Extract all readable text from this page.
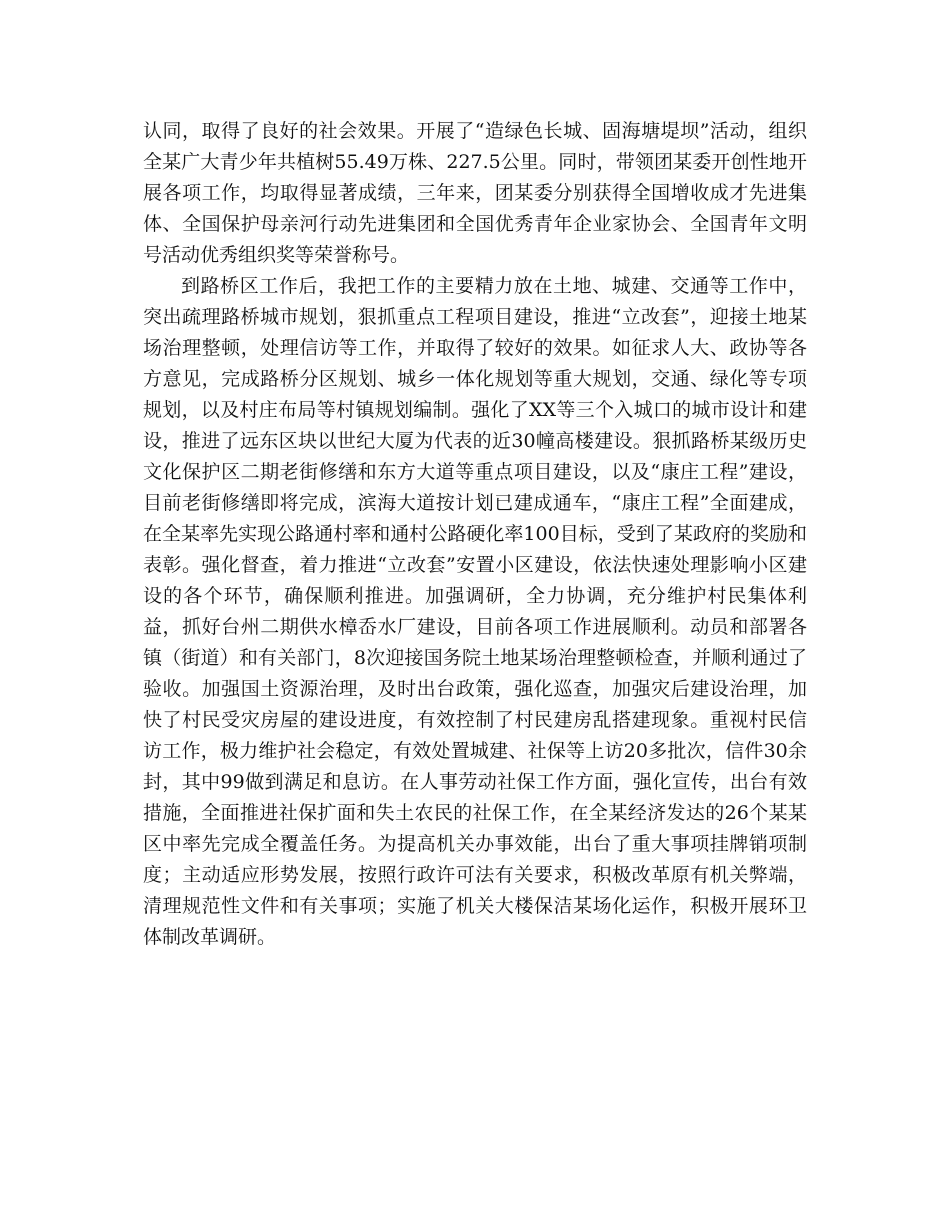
认同，取得了良好的社会效果。开展了“造绿色长城、固海塘堤坝”活动，组织全某广大青少年共植树55.49万株、227.5公里。同时，带领团某委开创性地开展各项工作，均取得显著成绩，三年来，团某委分别获得全国增收成才先进集体、全国保护母亲河行动先进集团和全国优秀青年企业家协会、全国青年文明号活动优秀组织奖等荣誉称号。

到路桥区工作后，我把工作的主要精力放在土地、城建、交通等工作中，突出疏理路桥城市规划，狠抓重点工程项目建设，推进“立改套”，迎接土地某场治理整顿，处理信访等工作，并取得了较好的效果。如征求人大、政协等各方意见，完成路桥分区规划、城乡一体化规划等重大规划，交通、绿化等专项规划，以及村庄布局等村镇规划编制。强化了XX等三个入城口的城市设计和建设，推进了远东区块以世纪大厦为代表的近30幢高楼建设。狠抓路桥某级历史文化保护区二期老街修缮和东方大道等重点项目建设，以及“康庄工程”建设，目前老街修缮即将完成，滨海大道按计划已建成通车，“康庄工程”全面建成，在全某率先实现公路通村率和通村公路硬化率100目标，受到了某政府的奖励和表彰。强化督查，着力推进“立改套”安置小区建设，依法快速处理影响小区建设的各个环节，确保顺利推进。加强调研，全力协调，充分维护村民集体利益，抓好台州二期供水樟岙水厂建设，目前各项工作进展顺利。动员和部署各镇（街道）和有关部门，8次迎接国务院土地某场治理整顿检查，并顺利通过了验收。加强国土资源治理，及时出台政策，强化巡查，加强灾后建设治理，加快了村民受灾房屋的建设进度，有效控制了村民建房乱搭建现象。重视村民信访工作，极力维护社会稳定，有效处置城建、社保等上访20多批次，信件30余封，其中99做到满足和息访。在人事劳动社保工作方面，强化宣传，出台有效措施，全面推进社保扩面和失土农民的社保工作，在全某经济发达的26个某某区中率先完成全覆盖任务。为提高机关办事效能，出台了重大事项挂牌销项制度；主动适应形势发展，按照行政许可法有关要求，积极改革原有机关弊端，清理规范性文件和有关事项；实施了机关大楼保洁某场化运作，积极开展环卫体制改革调研。
